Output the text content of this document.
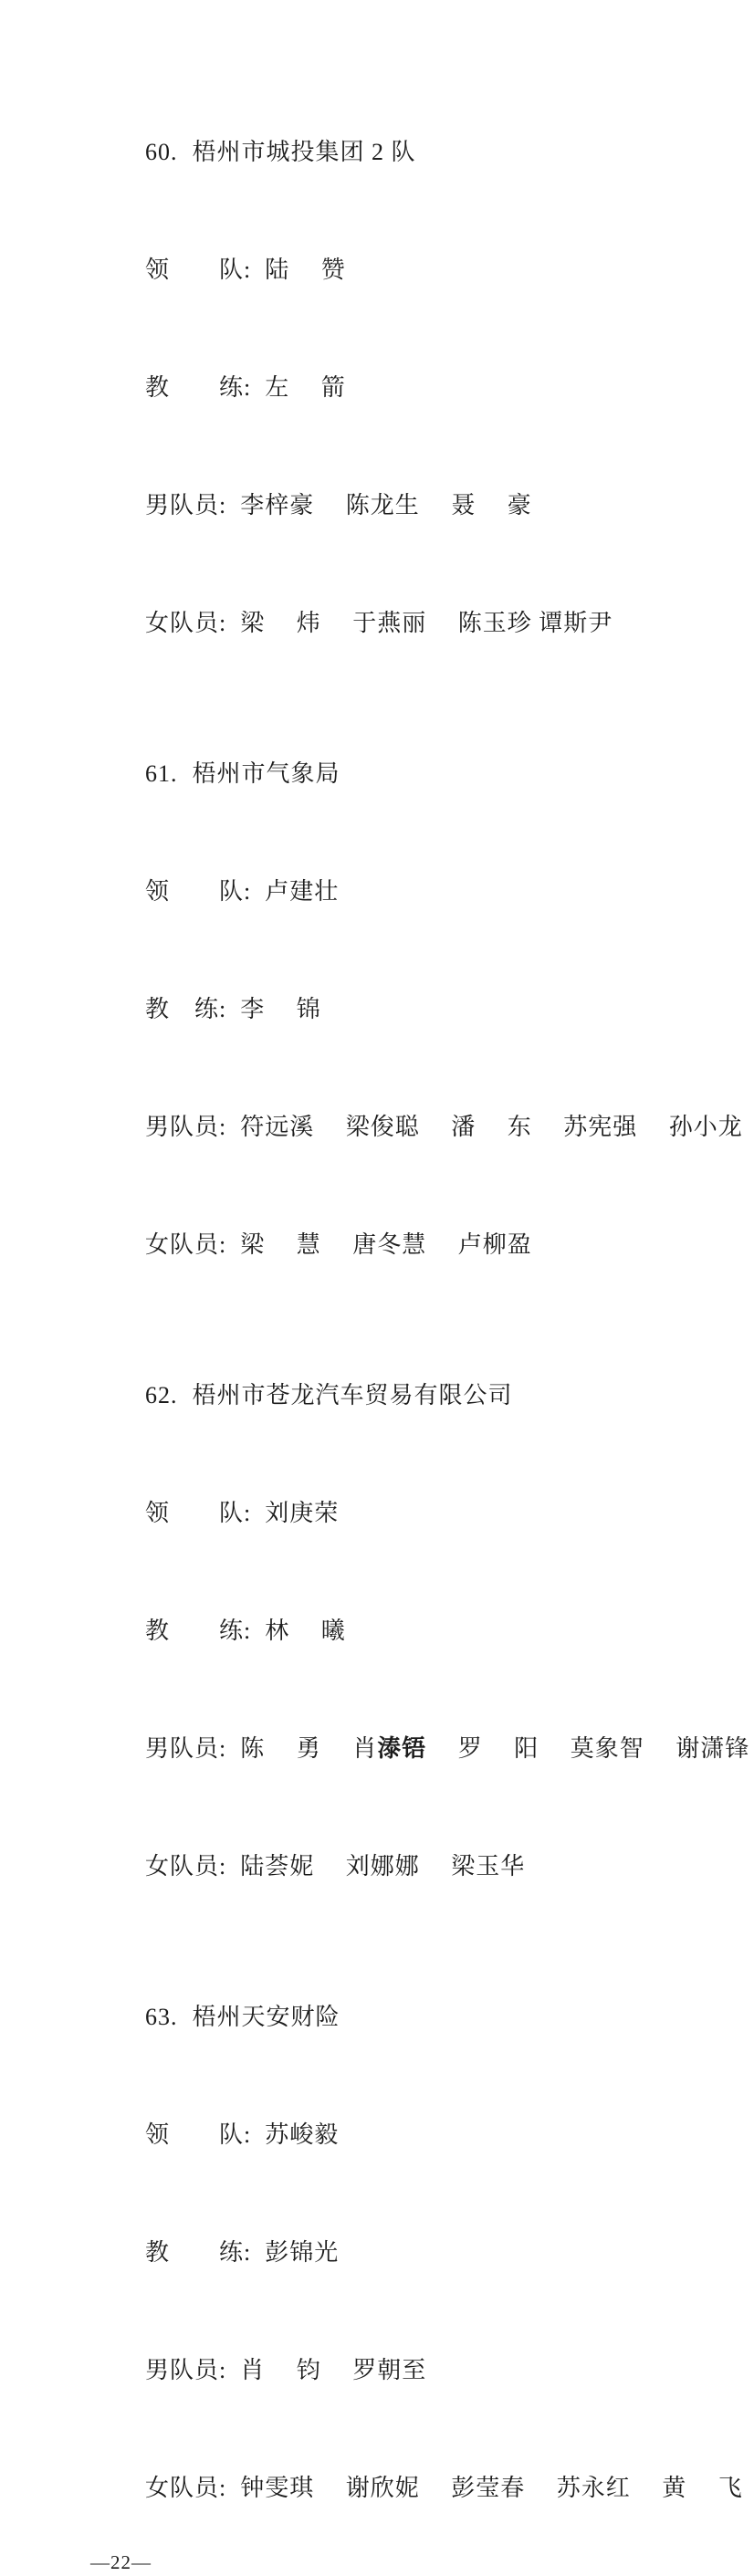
60. 梧州市城投集团 2 队

领　　队: 陆　 赞

教　　练: 左　 箭

男队员: 李梓豪　 陈龙生　 聂　 豪

女队员: 梁　 炜　 于燕丽　 陈玉珍 谭斯尹

61. 梧州市气象局

领　　队: 卢建壮

教　练: 李　 锦

男队员: 符远溪　 梁俊聪　 潘　 东　 苏宪强　 孙小龙

女队员: 梁　 慧　 唐冬慧　 卢柳盈

62. 梧州市苍龙汽车贸易有限公司

领　　队: 刘庚荣

教　　练: 林　 曦

男队员: 陈　 勇　 肖溙铻　 罗　 阳　 莫象智　 谢潇锋

女队员: 陆荟妮　 刘娜娜　 梁玉华

63. 梧州天安财险

领　　队: 苏峻毅

教　　练: 彭锦光

男队员: 肖　 钧　 罗朝至

女队员: 钟雯琪　 谢欣妮　 彭莹春　 苏永红　 黄　 飞

—22—
